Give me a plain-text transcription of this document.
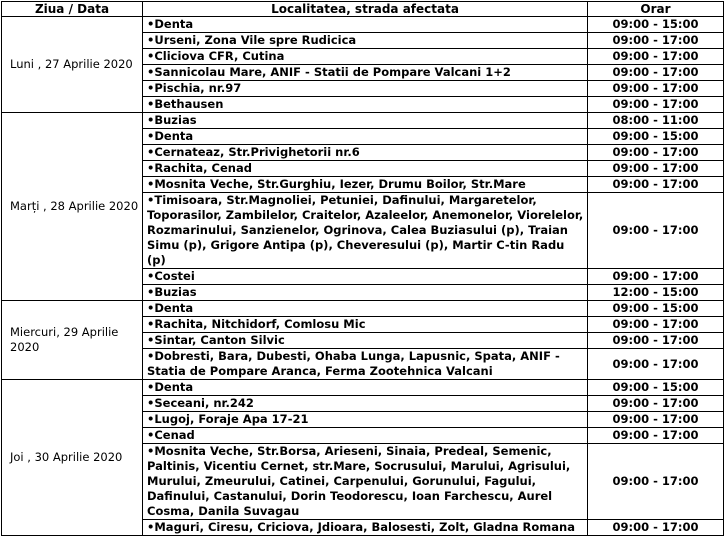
Ziua / Data	Localitatea, strada afectata	Orar
Luni , 27 Aprilie 2020	• Denta	09:00 - 15:00
• Urseni, Zona Vile spre Rudicica	09:00 - 17:00
• Cliciova CFR, Cutina	09:00 - 17:00
• Sannicolau Mare, ANIF - Statii de Pompare Valcani 1+2	09:00 - 17:00
• Pischia, nr.97	09:00 - 17:00
• Bethausen	09:00 - 17:00
Marți , 28 Aprilie 2020	• Buzias	08:00 - 11:00
• Denta	09:00 - 15:00
• Cernateaz, Str.Privighetorii nr.6	09:00 - 17:00
• Rachita, Cenad	09:00 - 17:00
• Mosnita Veche, Str.Gurghiu, Iezer, Drumu Boilor, Str.Mare	09:00 - 17:00
• Timisoara, Str.Magnoliei, Petuniei, Dafinului, Margaretelor, Toporasilor, Zambilelor, Craitelor, Azaleelor, Anemonelor, Viorelelor, Rozmarinului, Sanzienelor, Ogrinova, Calea Buziasului (p), Traian Simu (p), Grigore Antipa (p), Cheveresului (p), Martir C-tin Radu (p)	09:00 - 17:00
• Costei	09:00 - 17:00
• Buzias	12:00 - 15:00
Miercuri, 29 Aprilie 2020	• Denta	09:00 - 15:00
• Rachita, Nitchidorf, Comlosu Mic	09:00 - 17:00
• Sintar, Canton Silvic	09:00 - 17:00
• Dobresti, Bara, Dubesti, Ohaba Lunga, Lapusnic, Spata, ANIF - Statia de Pompare Aranca, Ferma Zootehnica Valcani	09:00 - 17:00
Joi , 30 Aprilie 2020	• Denta	09:00 - 15:00
• Seceani, nr.242	09:00 - 17:00
• Lugoj, Foraje Apa 17-21	09:00 - 17:00
• Cenad	09:00 - 17:00
• Mosnita Veche, Str.Borsa, Arieseni, Sinaia, Predeal, Semenic, Paltinis, Vicentiu Cernet, str.Mare, Socrusului, Marului, Agrisului, Murului, Zmeurului, Catinei, Carpenului, Gorunului, Fagului, Dafinului, Castanului, Dorin Teodorescu, Ioan Farchescu, Aurel Cosma, Danila Suvagau	09:00 - 17:00
• Maguri, Ciresu, Criciova, Jdioara, Balosesti, Zolt, Gladna Romana	09:00 - 17:00
